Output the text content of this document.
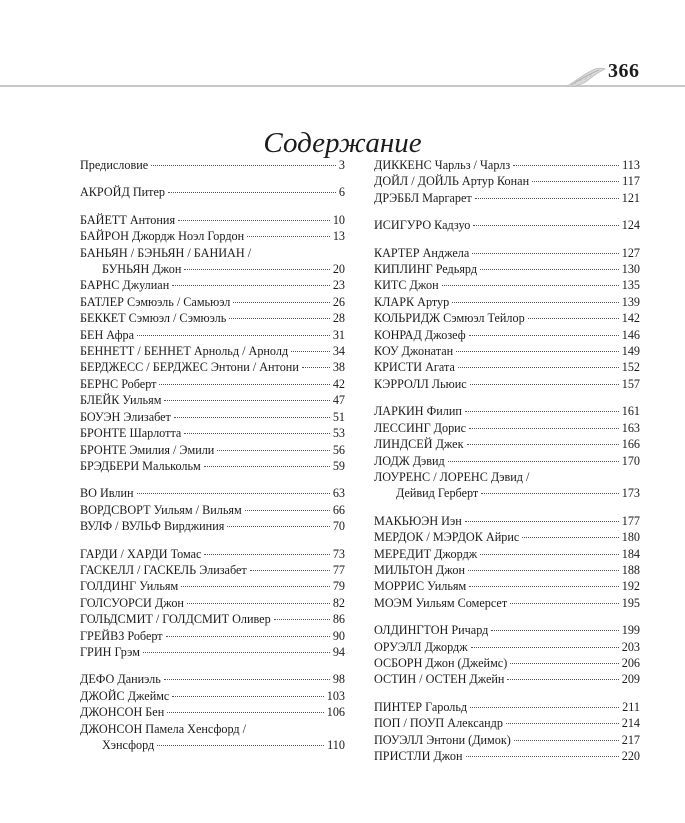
366
Содержание
Предисловие	3
АКРОЙД Питер	6
БАЙЕТТ Антония	10
БАЙРОН Джордж Ноэл Гордон	13
БАНЬЯН / БЭНЬЯН / БАНИАН /
БУНЬЯН Джон	20
БАРНС Джулиан	23
БАТЛЕР Сэмюэль / Самьюэл	26
БЕККЕТ Сэмюэл / Сэмюэль	28
БЕН Афра	31
БЕННЕТТ / БЕННЕТ Арнольд / Арнолд	34
БЕРДЖЕСС / БЕРДЖЕС Энтони / Антони	38
БЕРНС Роберт	42
БЛЕЙК Уильям	47
БОУЭН Элизабет	51
БРОНТЕ Шарлотта	53
БРОНТЕ Эмилия / Эмили	56
БРЭДБЕРИ Малькольм	59
ВО Ивлин	63
ВОРДСВОРТ Уильям / Вильям	66
ВУЛФ / ВУЛЬФ Вирджиния	70
ГАРДИ / ХАРДИ Томас	73
ГАСКЕЛЛ / ГАСКЕЛЬ Элизабет	77
ГОЛДИНГ Уильям	79
ГОЛСУОРСИ Джон	82
ГОЛЬДСМИТ / ГОЛДСМИТ Оливер	86
ГРЕЙВЗ Роберт	90
ГРИН Грэм	94
ДЕФО Даниэль	98
ДЖОЙС Джеймс	103
ДЖОНСОН Бен	106
ДЖОНСОН Памела Хенсфорд /
Хэнсфорд	110
ДИККЕНС Чарльз / Чарлз	113
ДОЙЛ / ДОЙЛЬ Артур Конан	117
ДРЭББЛ Маргарет	121
ИСИГУРО Кадзуо	124
КАРТЕР Анджела	127
КИПЛИНГ Редьярд	130
КИТС Джон	135
КЛАРК Артур	139
КОЛЬРИДЖ Сэмюэл Тейлор	142
КОНРАД Джозеф	146
КОУ Джонатан	149
КРИСТИ Агата	152
КЭРРОЛЛ Льюис	157
ЛАРКИН Филип	161
ЛЕССИНГ Дорис	163
ЛИНДСЕЙ Джек	166
ЛОДЖ Дэвид	170
ЛОУРЕНС / ЛОРЕНС Дэвид /
Дейвид Герберт	173
МАКЬЮЭН Иэн	177
МЕРДОК / МЭРДОК Айрис	180
МЕРЕДИТ Джордж	184
МИЛЬТОН Джон	188
МОРРИС Уильям	192
МОЭМ Уильям Сомерсет	195
ОЛДИНГТОН Ричард	199
ОРУЭЛЛ Джордж	203
ОСБОРН Джон (Джеймс)	206
ОСТИН / ОСТЕН Джейн	209
ПИНТЕР Гарольд	211
ПОП / ПОУП Александр	214
ПОУЭЛЛ Энтони (Димок)	217
ПРИСТЛИ Джон	220
